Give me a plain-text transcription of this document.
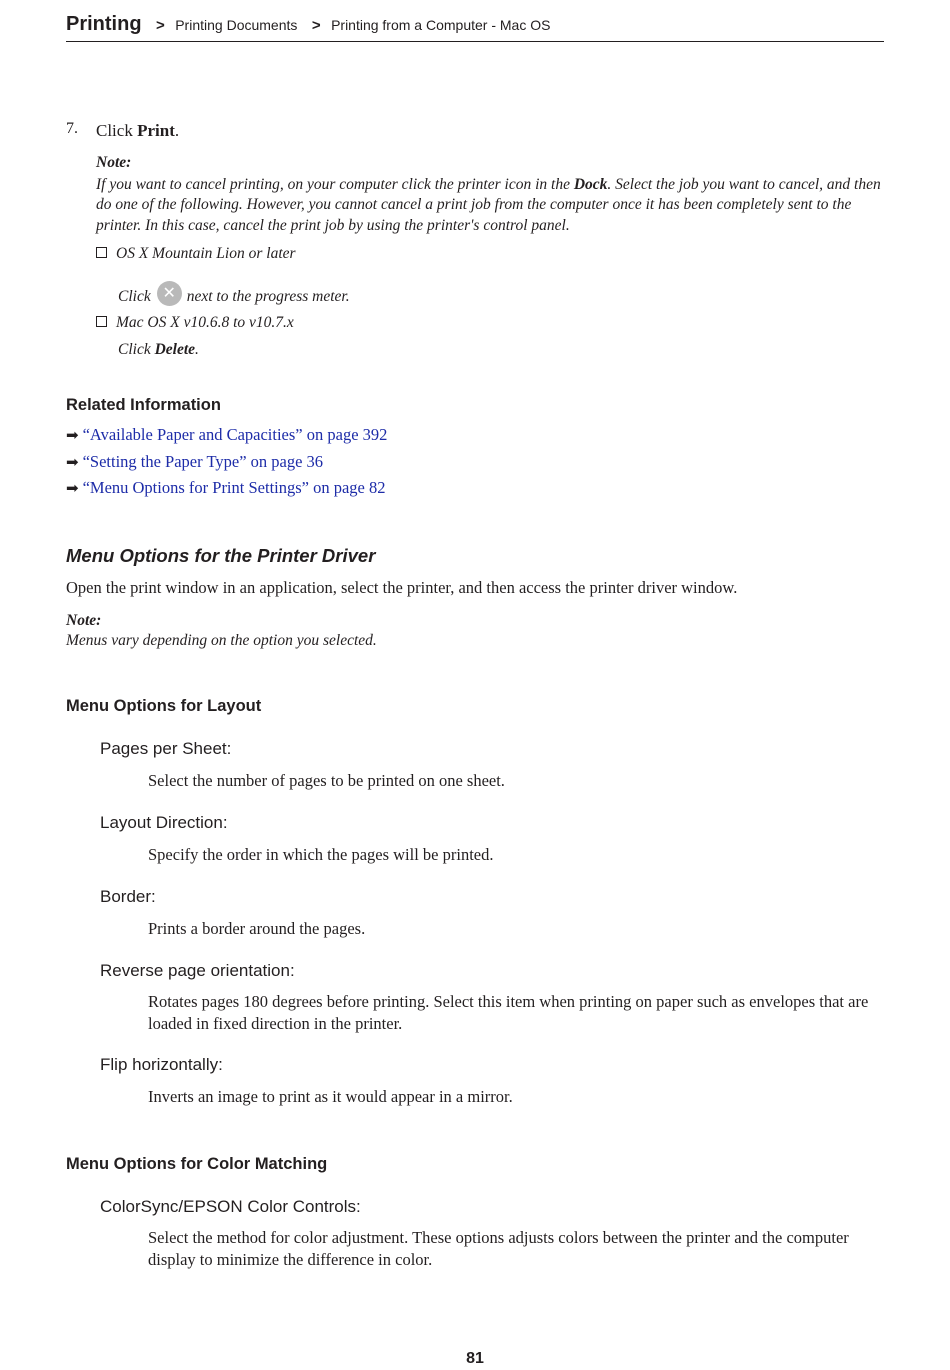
Printing > Printing Documents > Printing from a Computer - Mac OS
7. Click Print.
Note:
If you want to cancel printing, on your computer click the printer icon in the Dock. Select the job you want to cancel, and then do one of the following. However, you cannot cancel a print job from the computer once it has been completely sent to the printer. In this case, cancel the print job by using the printer's control panel.
OS X Mountain Lion or later
Click ✕ next to the progress meter.
Mac OS X v10.6.8 to v10.7.x
Click Delete.
Related Information
➡ “Available Paper and Capacities” on page 392
➡ “Setting the Paper Type” on page 36
➡ “Menu Options for Print Settings” on page 82
Menu Options for the Printer Driver
Open the print window in an application, select the printer, and then access the printer driver window.
Note:
Menus vary depending on the option you selected.
Menu Options for Layout
Pages per Sheet:
Select the number of pages to be printed on one sheet.
Layout Direction:
Specify the order in which the pages will be printed.
Border:
Prints a border around the pages.
Reverse page orientation:
Rotates pages 180 degrees before printing. Select this item when printing on paper such as envelopes that are loaded in fixed direction in the printer.
Flip horizontally:
Inverts an image to print as it would appear in a mirror.
Menu Options for Color Matching
ColorSync/EPSON Color Controls:
Select the method for color adjustment. These options adjusts colors between the printer and the computer display to minimize the difference in color.
81
